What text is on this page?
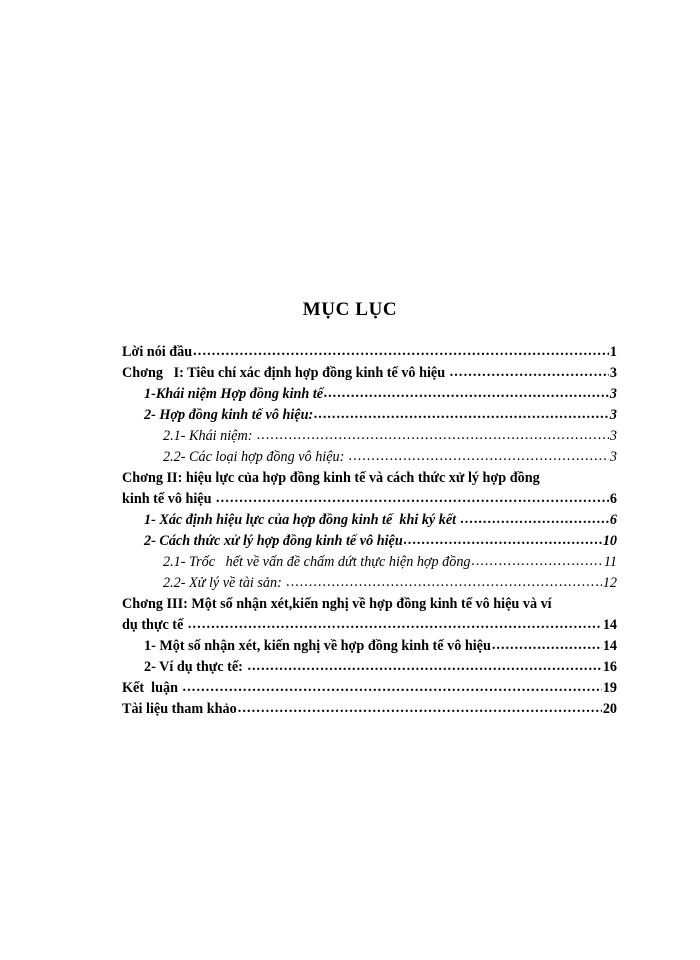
MỤC LỤC
Lời nói đầu .....	1
Chơng   I: Tiêu chí xác định hợp đồng kinh tế vô hiệu .....	3
1-Khái niệm Hợp đồng kinh tế .....	3
2- Hợp đồng kinh tế vô hiệu: .....	3
2.1- Khái niệm: .....	3
2.2- Các loại hợp đồng vô hiệu: .....	3
Chơng II: hiệu lực của hợp đồng kinh tế và cách thức xử lý hợp đồng
kinh tế vô hiệu .....	6
1- Xác định hiệu lực của hợp đồng kinh tế  khi ký kết .....	6
2- Cách thức xử lý hợp đồng kinh tế vô hiệu .....	10
2.1- Trốc   hết về vấn đề chấm dứt thực hiện hợp đồng .....	11
2.2- Xử lý về tài sản: .....	12
Chơng III: Một số nhận xét,kiến nghị về hợp đồng kinh tế vô hiệu và ví
dụ thực tế .....	14
1- Một số nhận xét, kiến nghị về hợp đồng kinh tế vô hiệu .....	14
2- Ví dụ thực tế: .....	16
Kết  luận .....	19
Tài liệu tham khảo .....	20
